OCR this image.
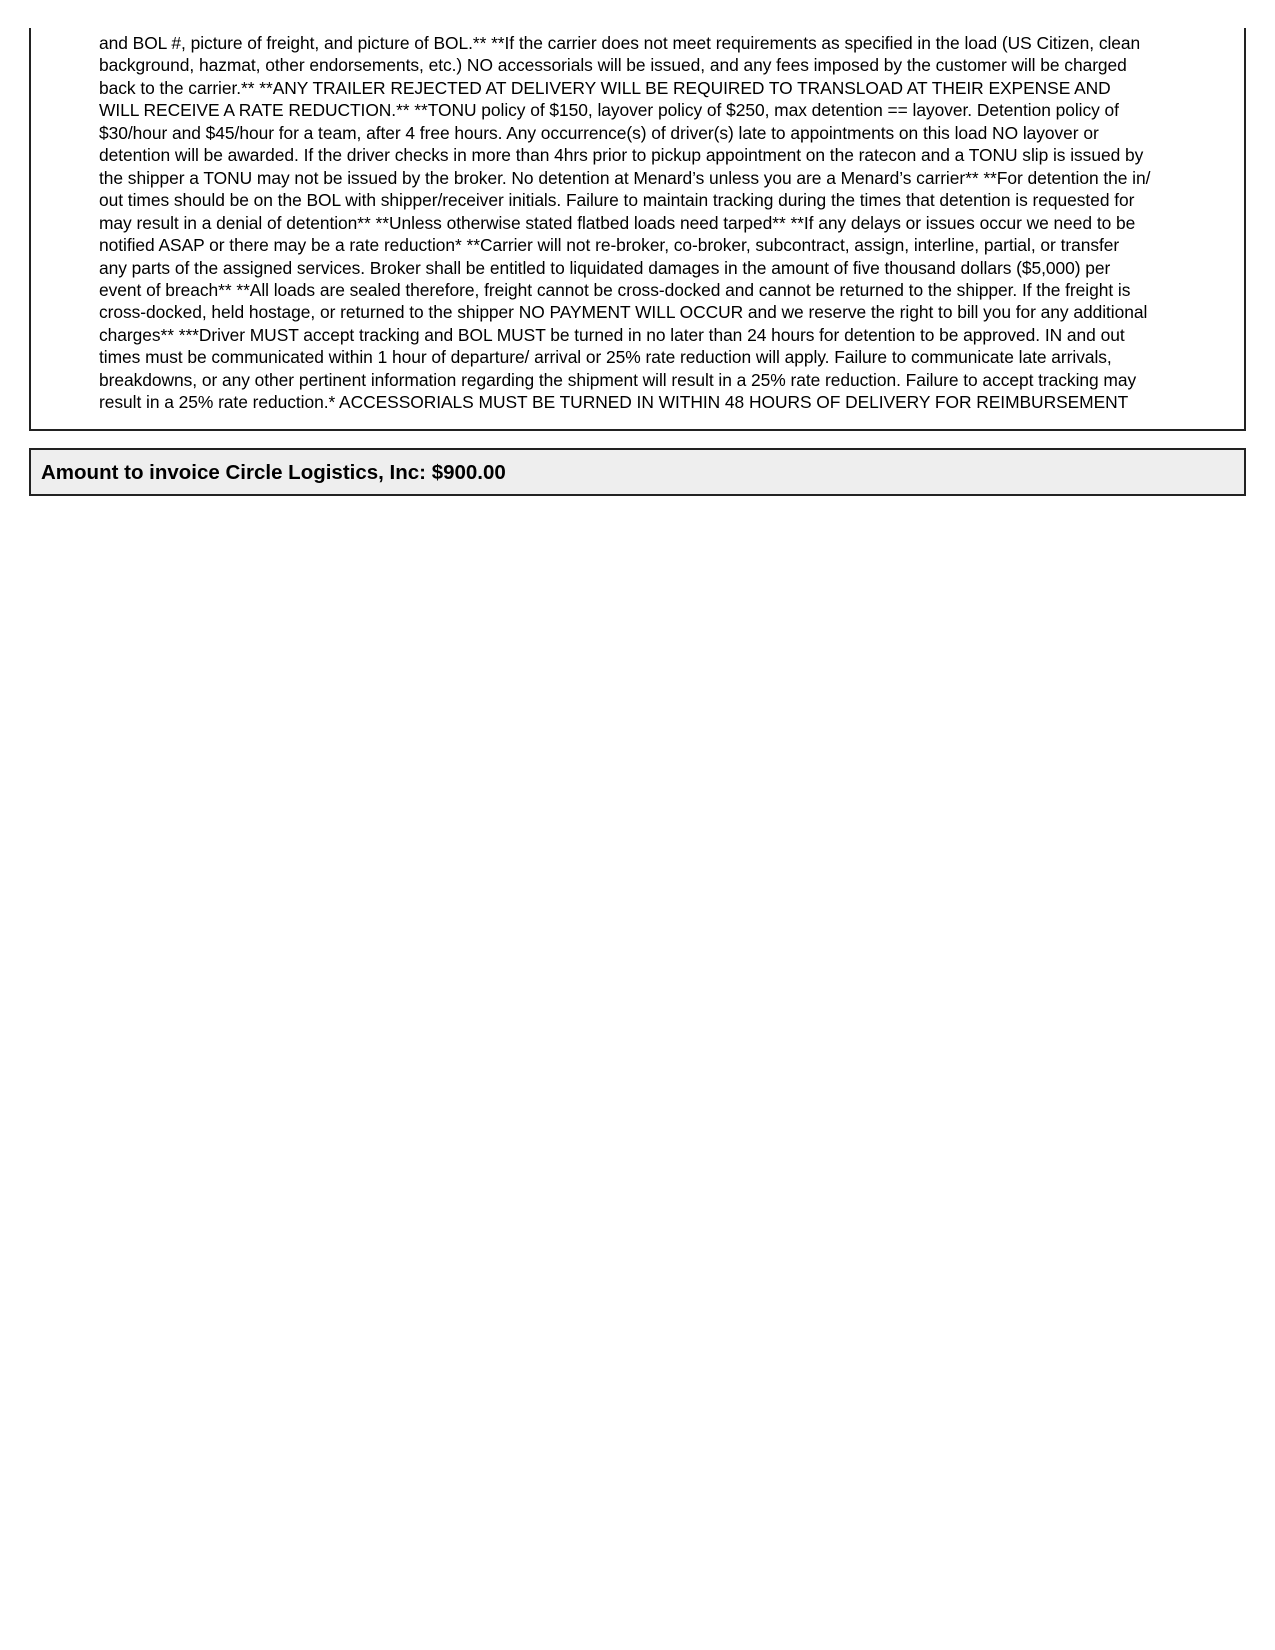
and BOL #, picture of freight, and picture of BOL.** **If the carrier does not meet requirements as specified in the load (US Citizen, clean
background, hazmat, other endorsements, etc.) NO accessorials will be issued, and any fees imposed by the customer will be charged
back to the carrier.** **ANY TRAILER REJECTED AT DELIVERY WILL BE REQUIRED TO TRANSLOAD AT THEIR EXPENSE AND
WILL RECEIVE A RATE REDUCTION.** **TONU policy of $150, layover policy of $250, max detention == layover. Detention policy of
$30/hour and $45/hour for a team, after 4 free hours. Any occurrence(s) of driver(s) late to appointments on this load NO layover or
detention will be awarded. If the driver checks in more than 4hrs prior to pickup appointment on the ratecon and a TONU slip is issued by
the shipper a TONU may not be issued by the broker. No detention at Menard’s unless you are a Menard’s carrier** **For detention the in/
out times should be on the BOL with shipper/receiver initials. Failure to maintain tracking during the times that detention is requested for
may result in a denial of detention** **Unless otherwise stated flatbed loads need tarped** **If any delays or issues occur we need to be
notified ASAP or there may be a rate reduction* **Carrier will not re-broker, co-broker, subcontract, assign, interline, partial, or transfer
any parts of the assigned services. Broker shall be entitled to liquidated damages in the amount of five thousand dollars ($5,000) per
event of breach** **All loads are sealed therefore, freight cannot be cross-docked and cannot be returned to the shipper. If the freight is
cross-docked, held hostage, or returned to the shipper NO PAYMENT WILL OCCUR and we reserve the right to bill you for any additional
charges** ***Driver MUST accept tracking and BOL MUST be turned in no later than 24 hours for detention to be approved. IN and out
times must be communicated within 1 hour of departure/ arrival or 25% rate reduction will apply. Failure to communicate late arrivals,
breakdowns, or any other pertinent information regarding the shipment will result in a 25% rate reduction. Failure to accept tracking may
result in a 25% rate reduction.* ACCESSORIALS MUST BE TURNED IN WITHIN 48 HOURS OF DELIVERY FOR REIMBURSEMENT
Amount to invoice Circle Logistics, Inc: $900.00
